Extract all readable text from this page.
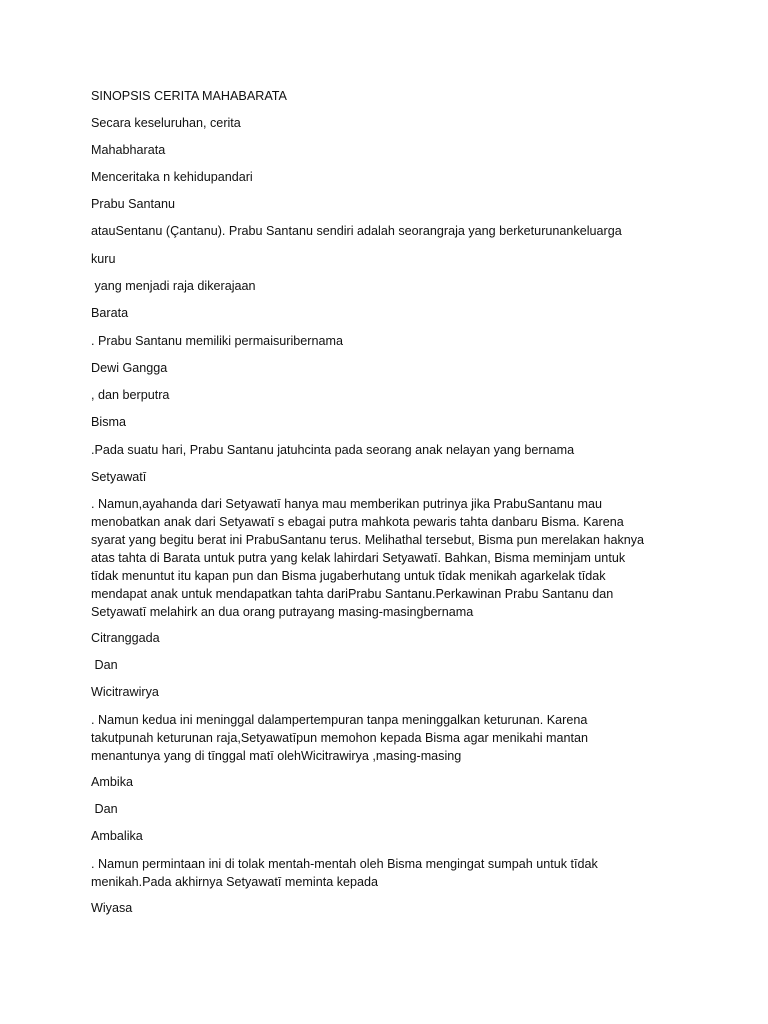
SINOPSIS CERITA MAHABARATA
Secara keseluruhan, cerita
Mahabharata
Menceritaka n kehidupandari
Prabu Santanu
atauSentanu (Çantanu). Prabu Santanu sendiri adalah seorangraja yang berketurunankeluarga
kuru
yang menjadi raja dikerajaan
Barata
. Prabu Santanu memiliki permaisuribernama
Dewi Gangga
, dan berputra
Bisma
.Pada suatu hari, Prabu Santanu jatuhcinta pada seorang anak nelayan yang bernama
Setyawatī
. Namun,ayahanda dari Setyawatī hanya mau memberikan putrinya jika PrabuSantanu mau
menobatkan anak dari Setyawatī s ebagai putra mahkota pewaris tahta danbaru Bisma. Karena
syarat yang begitu berat ini PrabuSantanu terus. Melihathal tersebut, Bisma pun merelakan haknya
atas tahta di Barata untuk putra yang kelak lahirdari Setyawatī. Bahkan, Bisma meminjam untuk
tīdak menuntut itu kapan pun dan Bisma jugaberhutang untuk tīdak menikah agarkelak tīdak
mendapat anak untuk mendapatkan tahta dariPrabu Santanu.Perkawinan Prabu Santanu dan
Setyawatī melahirk an dua orang putrayang masing-masingbernama
Citranggada
Dan
Wicitrawirya
. Namun kedua ini meninggal dalampertempuran tanpa meninggalkan keturunan. Karena
takutpunah keturunan raja,Setyawatīpun memohon kepada Bisma agar menikahi mantan
menantunya yang di tīnggal matī olehWicitrawirya ,masing-masing
Ambika
Dan
Ambalika
. Namun permintaan ini di tolak mentah-mentah oleh Bisma mengingat sumpah untuk tīdak
menikah.Pada akhirnya Setyawatī meminta kepada
Wiyasa
